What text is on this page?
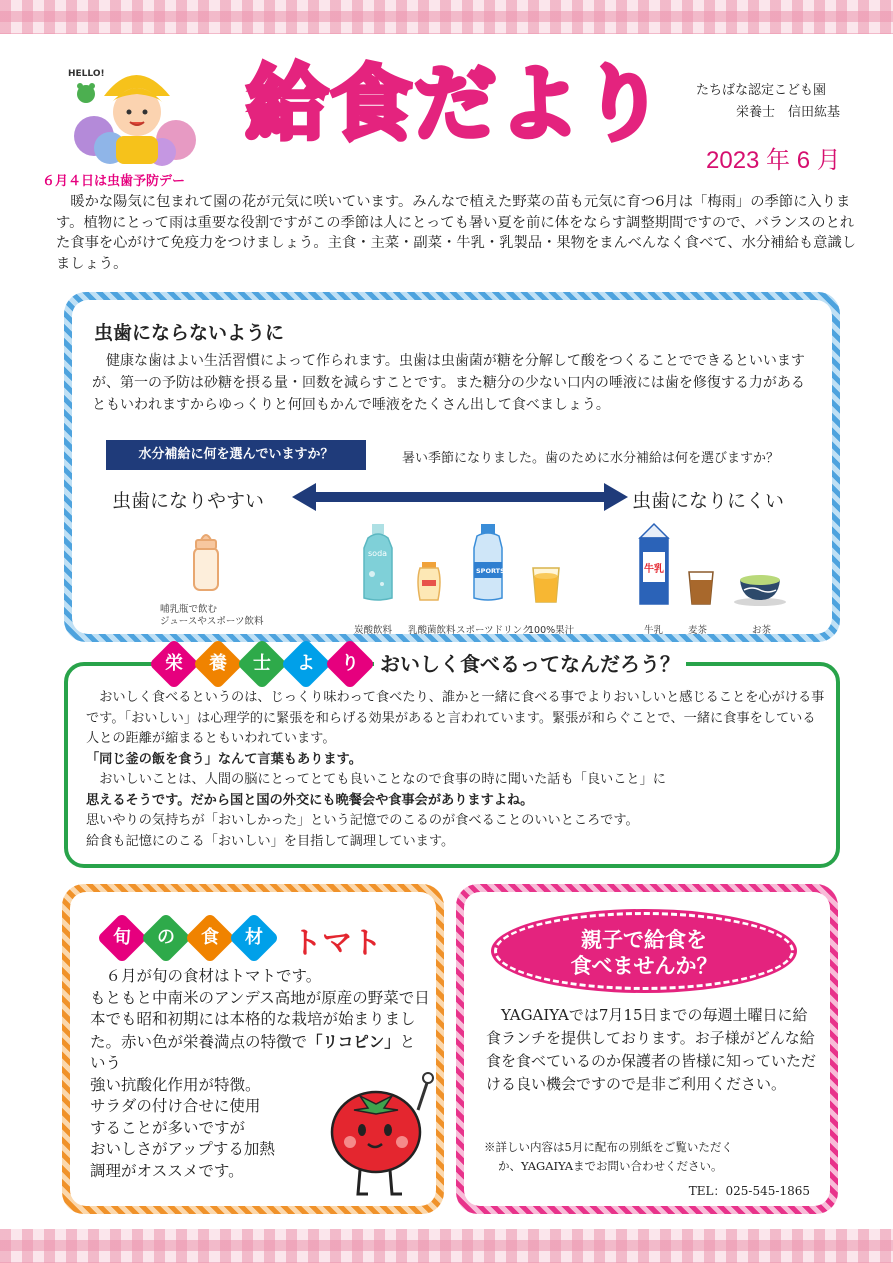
HELLO!
６月４日は虫歯予防デー
給食だより たちばな認定こども園
栄養士　信田紘基
2023 年 6 月

暖かな陽気に包まれて園の花が元気に咲いています。みんなで植えた野菜の苗も元気に育つ6月は「梅雨」の季節に入ります。植物にとって雨は重要な役割ですがこの季節は人にとっても暑い夏を前に体をならす調整期間ですので、バランスのとれた食事を心がけて免疫力をつけましょう。主食・主菜・副菜・牛乳・乳製品・果物をまんべんなく食べて、水分補給も意識しましょう。

虫歯にならないように

健康な歯はよい生活習慣によって作られます。虫歯は虫歯菌が糖を分解して酸をつくることでできるといいますが、第一の予防は砂糖を摂る量・回数を減らすことです。また糖分の少ない口内の唾液には歯を修復する力があるともいわれますからゆっくりと何回もかんで唾液をたくさん出して食べましょう。

水分補給に何を選んでいますか？	暑い季節になりました。歯のために水分補給は何を選びますか？
虫歯になりやすい	虫歯になりにくい
哺乳瓶で飲む
ジュースやスポーツ飲料
soda
炭酸飲料 乳酸菌飲料
SPORTS
スポーツドリンク
100%果汁
牛乳
牛乳	麦茶	お茶
栄	養	士	よ	り	おいしく食べるってなんだろう？

おいしく食べるというのは、じっくり味わって食べたり、誰かと一緒に食べる事でよりおいしいと感じることを心がける事です。「おいしい」は心理学的に緊張を和らげる効果があると言われています。緊張が和らぐことで、一緒に食事をしている人との距離が縮まるともいわれています。

「同じ釜の飯を食う」なんて言葉もあります。

おいしいことは、人間の脳にとってとても良いことなので食事の時に聞いた話も「良いこと」に

思えるそうです。だから国と国の外交にも晩餐会や食事会がありますよね。

思いやりの気持ちが「おいしかった」という記憶でのこるのが食べることのいいところです。

給食も記憶にのこる「おいしい」を目指して調理しています。

旬	の	食	材 トマト
６月が旬の食材はトマトです。
もともと中南米のアンデス高地が原産の野菜で日本でも昭和初期には本格的な栽培が始まりました。赤い色が栄養満点の特徴で「リコピン」という
強い抗酸化作用が特徴。
サラダの付け合せに使用
することが多いですが
おいしさがアップする加熱
調理がオススメです。
親子で給食を
食べませんか？

YAGAIYAでは7月15日までの毎週土曜日に給食ランチを提供しております。お子様がどんな給食を食べているのか保護者の皆様に知っていただける良い機会ですので是非ご利用ください。

※詳しい内容は5月に配布の別紙をご覧いただく
か、YAGAIYAまでお問い合わせください。
TEL：025-545-1865
